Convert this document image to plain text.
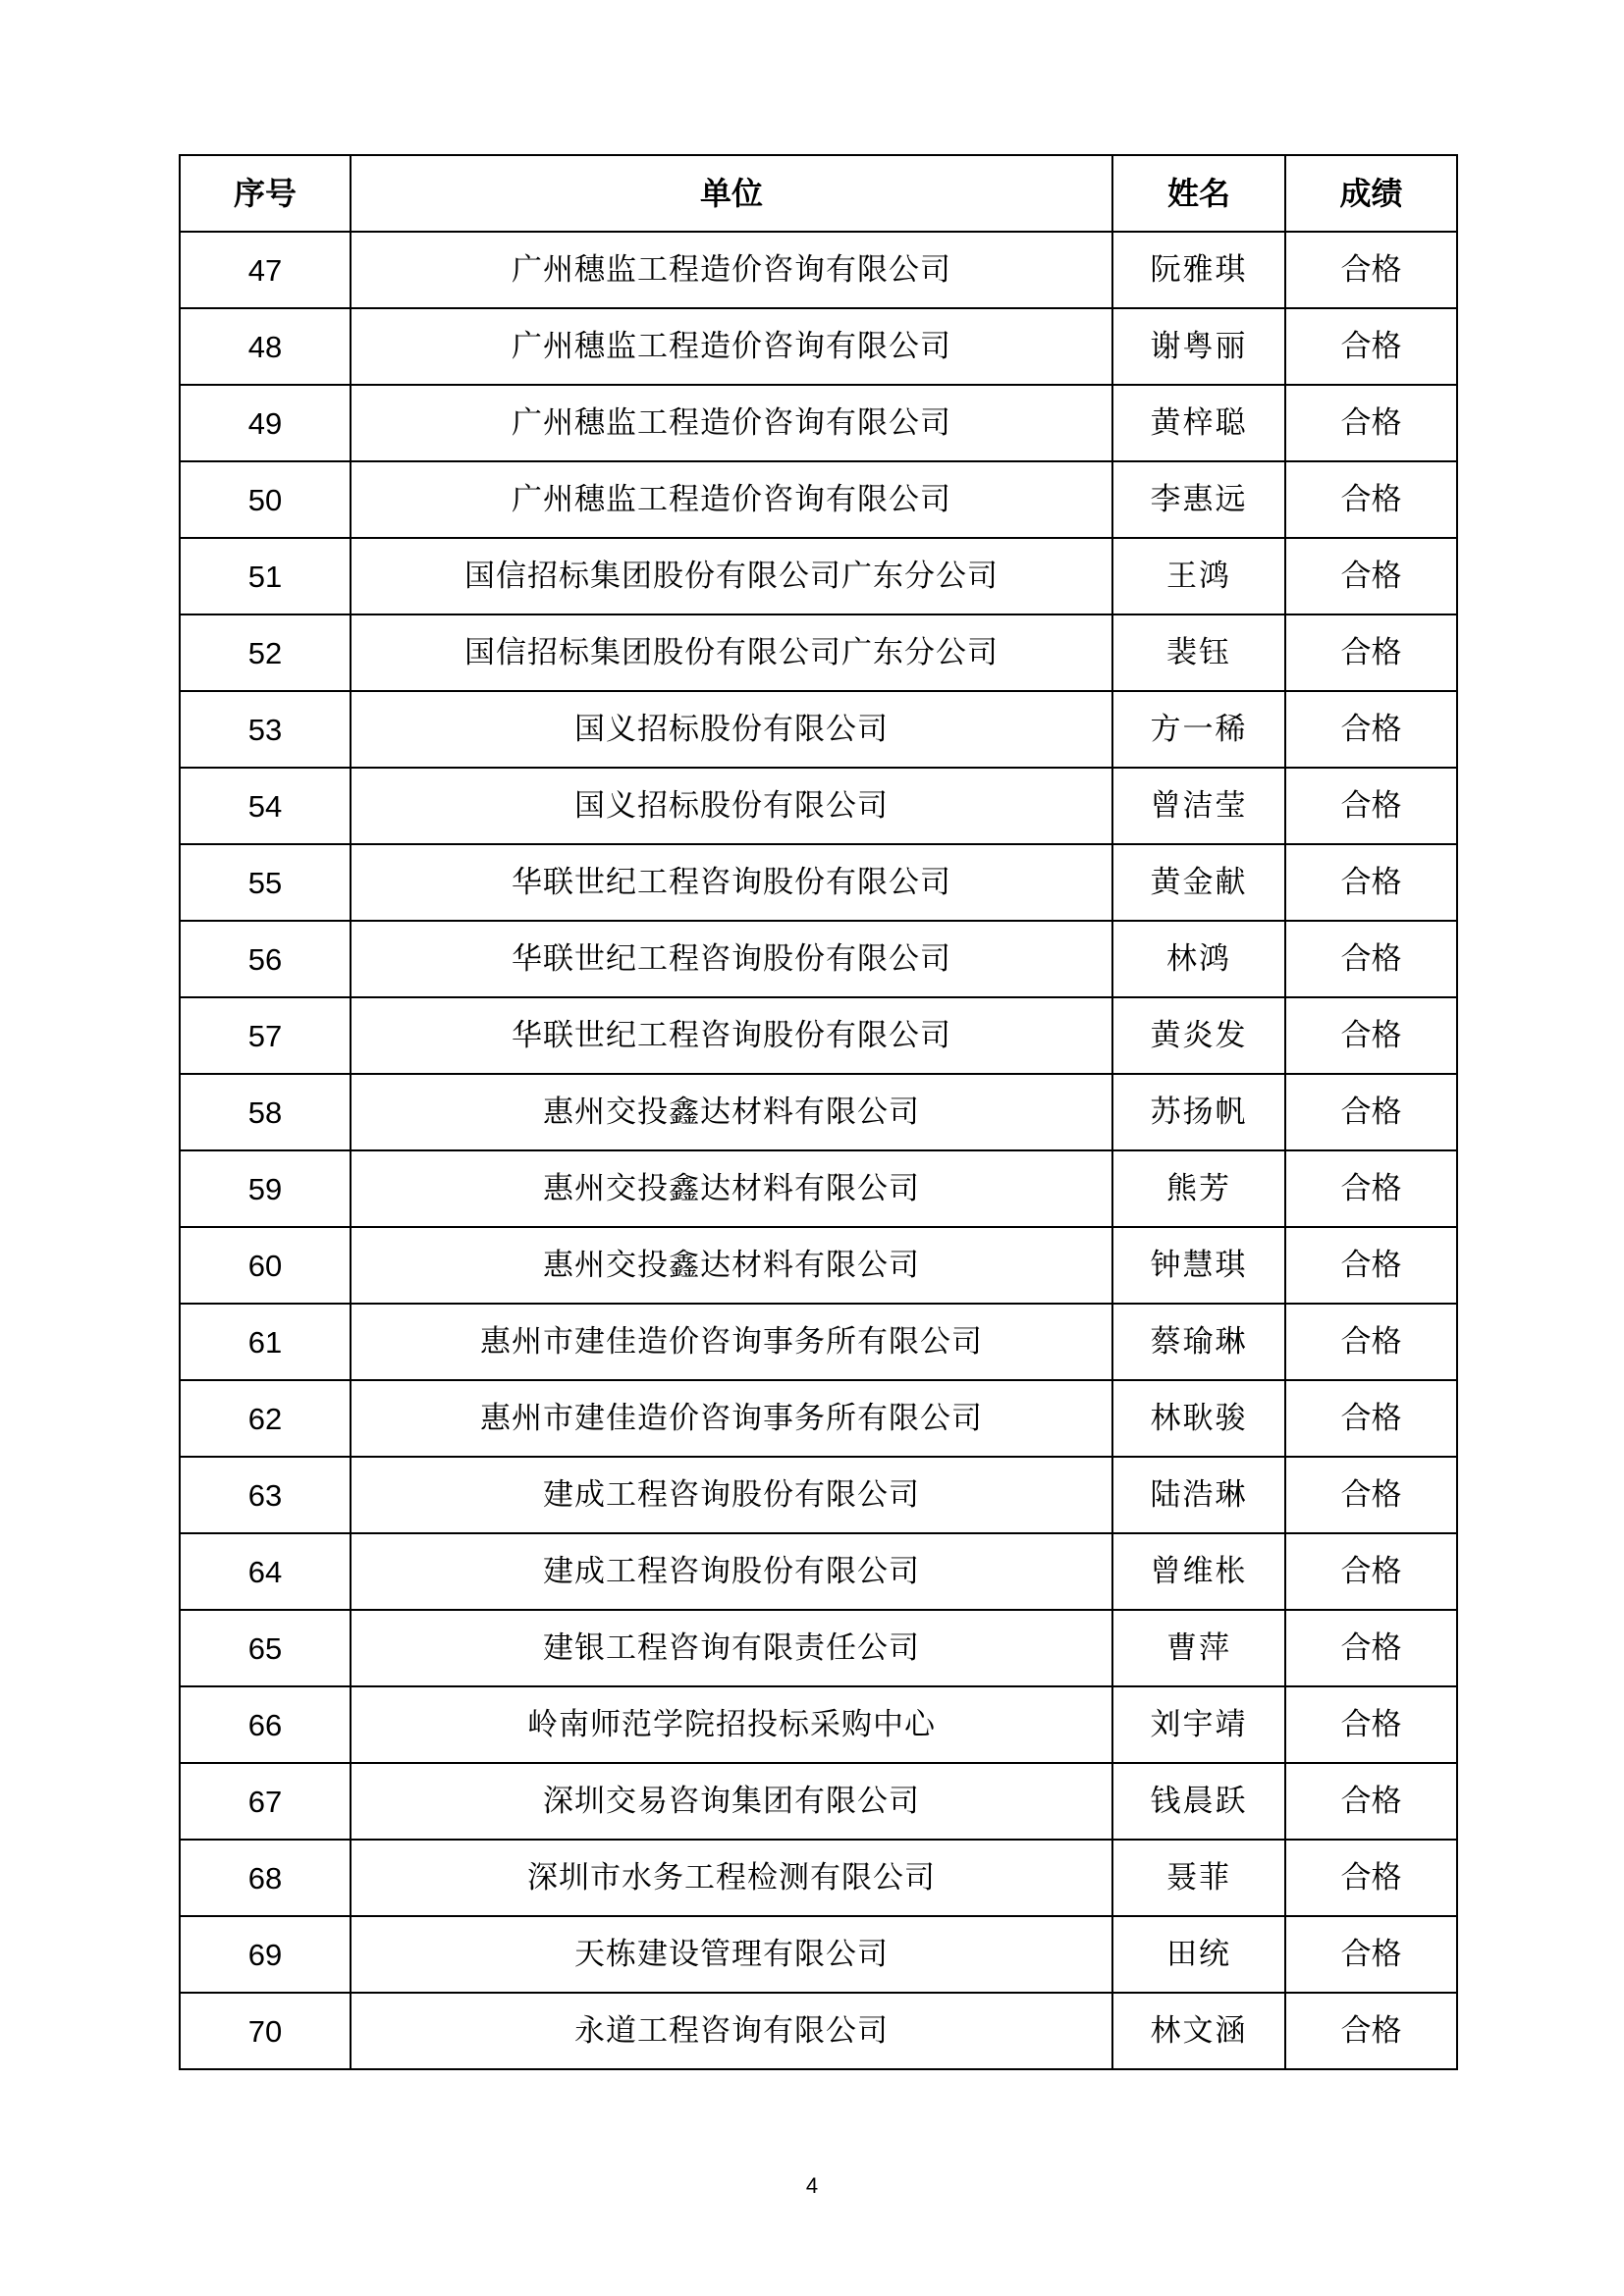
序号	单位	姓名	成绩
47	广州穗监工程造价咨询有限公司	阮雅琪	合格
48	广州穗监工程造价咨询有限公司	谢粤丽	合格
49	广州穗监工程造价咨询有限公司	黄梓聪	合格
50	广州穗监工程造价咨询有限公司	李惠远	合格
51	国信招标集团股份有限公司广东分公司	王鸿	合格
52	国信招标集团股份有限公司广东分公司	裴钰	合格
53	国义招标股份有限公司	方一稀	合格
54	国义招标股份有限公司	曾洁莹	合格
55	华联世纪工程咨询股份有限公司	黄金献	合格
56	华联世纪工程咨询股份有限公司	林鸿	合格
57	华联世纪工程咨询股份有限公司	黄炎发	合格
58	惠州交投鑫达材料有限公司	苏扬帆	合格
59	惠州交投鑫达材料有限公司	熊芳	合格
60	惠州交投鑫达材料有限公司	钟慧琪	合格
61	惠州市建佳造价咨询事务所有限公司	蔡瑜琳	合格
62	惠州市建佳造价咨询事务所有限公司	林耿骏	合格
63	建成工程咨询股份有限公司	陆浩琳	合格
64	建成工程咨询股份有限公司	曾维枨	合格
65	建银工程咨询有限责任公司	曹萍	合格
66	岭南师范学院招投标采购中心	刘宇靖	合格
67	深圳交易咨询集团有限公司	钱晨跃	合格
68	深圳市水务工程检测有限公司	聂菲	合格
69	天栋建设管理有限公司	田统	合格
70	永道工程咨询有限公司	林文涵	合格
4
